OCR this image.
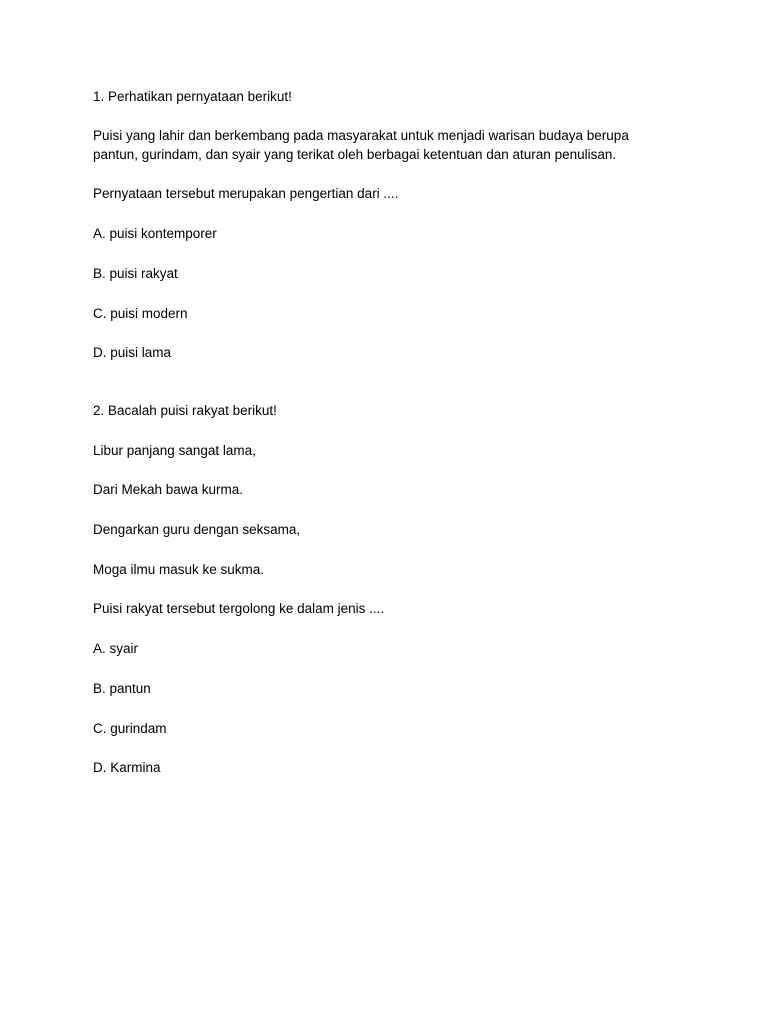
1. Perhatikan pernyataan berikut!
Puisi yang lahir dan berkembang pada masyarakat untuk menjadi warisan budaya berupa
pantun, gurindam, dan syair yang terikat oleh berbagai ketentuan dan aturan penulisan.
Pernyataan tersebut merupakan pengertian dari ....
A. puisi kontemporer
B. puisi rakyat
C. puisi modern
D. puisi lama
2. Bacalah puisi rakyat berikut!
Libur panjang sangat lama,
Dari Mekah bawa kurma.
Dengarkan guru dengan seksama,
Moga ilmu masuk ke sukma.
Puisi rakyat tersebut tergolong ke dalam jenis ....
A. syair
B. pantun
C. gurindam
D. Karmina
